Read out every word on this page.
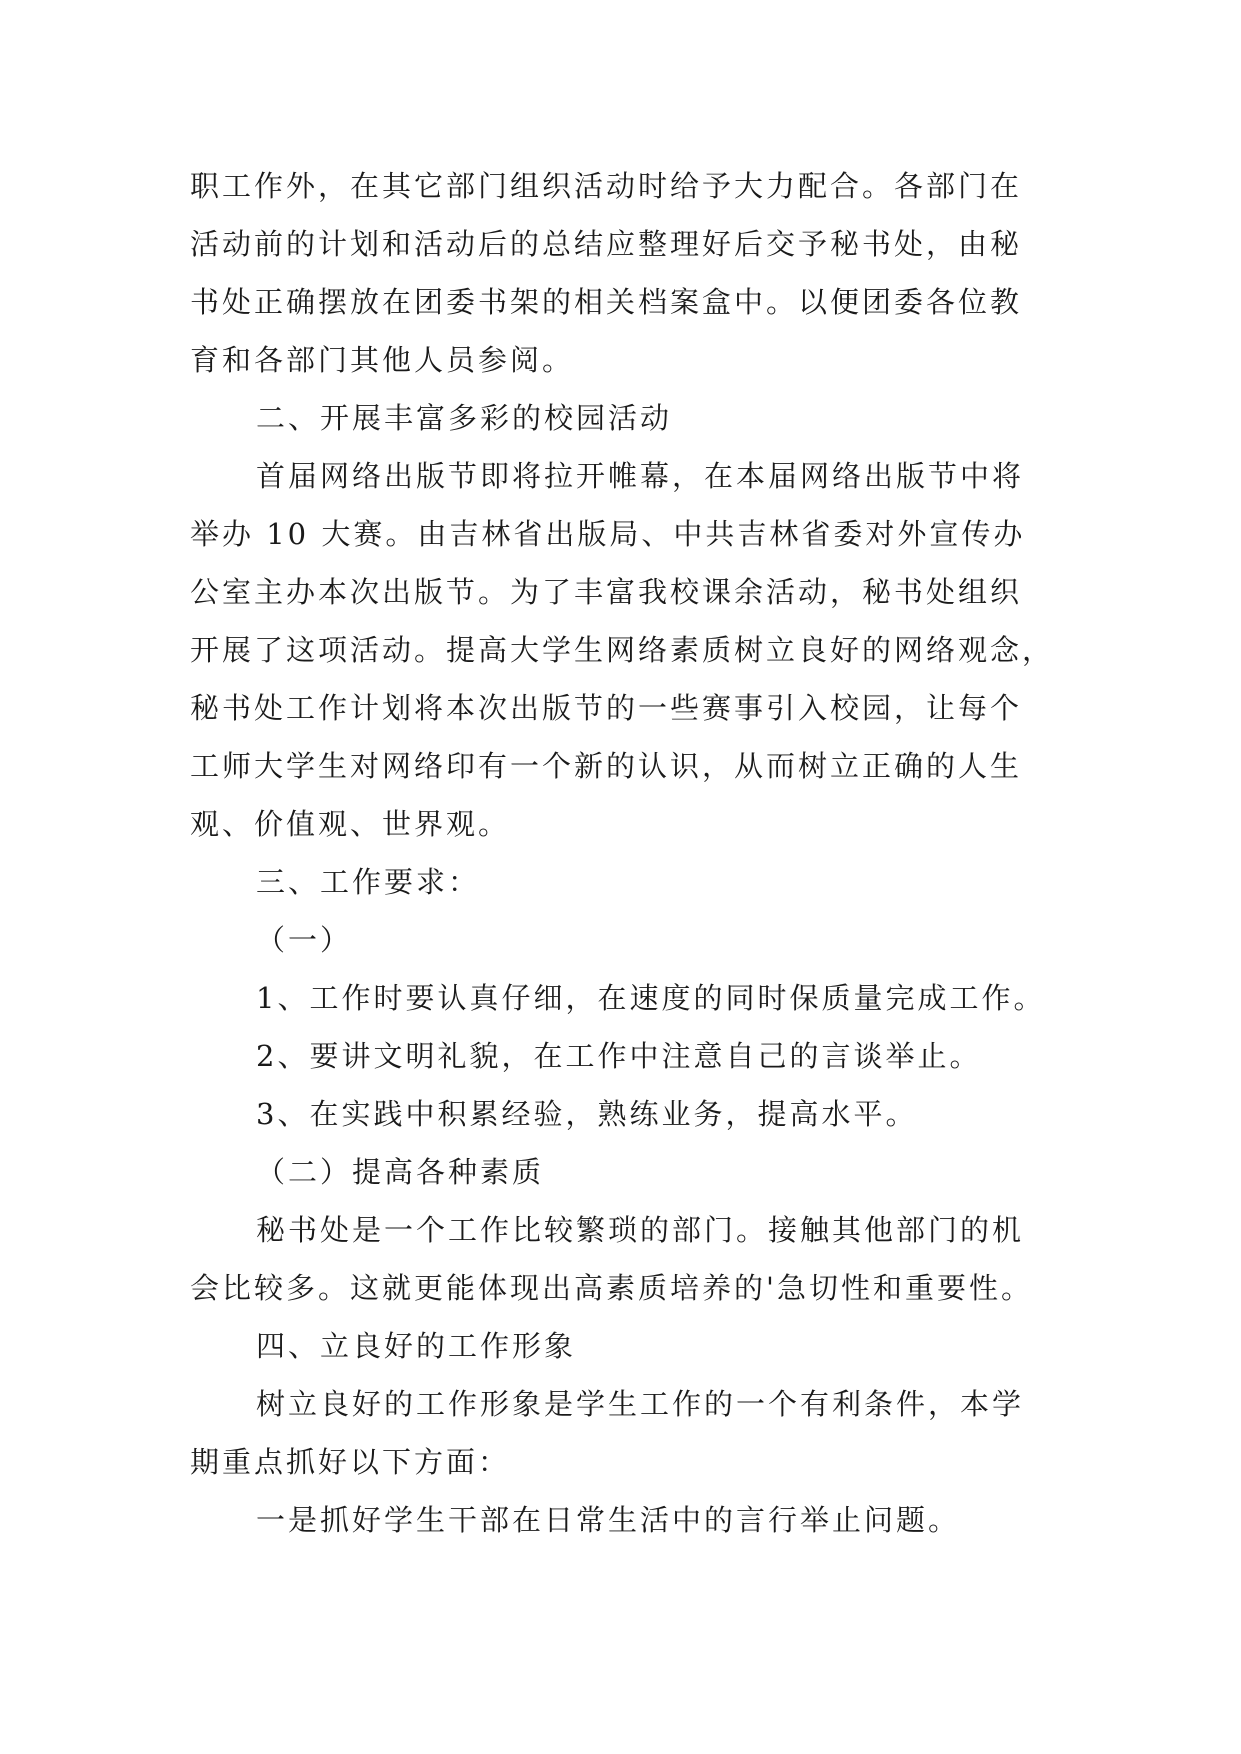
职工作外，在其它部门组织活动时给予大力配合。各部门在
活动前的计划和活动后的总结应整理好后交予秘书处，由秘
书处正确摆放在团委书架的相关档案盒中。以便团委各位教
育和各部门其他人员参阅。
二、开展丰富多彩的校园活动
首届网络出版节即将拉开帷幕，在本届网络出版节中将
举办 10 大赛。由吉林省出版局、中共吉林省委对外宣传办
公室主办本次出版节。为了丰富我校课余活动，秘书处组织
开展了这项活动。提高大学生网络素质树立良好的网络观念，
秘书处工作计划将本次出版节的一些赛事引入校园，让每个
工师大学生对网络印有一个新的认识，从而树立正确的人生
观、价值观、世界观。
三、工作要求：
（一）
1、工作时要认真仔细，在速度的同时保质量完成工作。
2、要讲文明礼貌，在工作中注意自己的言谈举止。
3、在实践中积累经验，熟练业务，提高水平。
（二）提高各种素质
秘书处是一个工作比较繁琐的部门。接触其他部门的机
会比较多。这就更能体现出高素质培养的'急切性和重要性。
四、立良好的工作形象
树立良好的工作形象是学生工作的一个有利条件，本学
期重点抓好以下方面：
一是抓好学生干部在日常生活中的言行举止问题。
